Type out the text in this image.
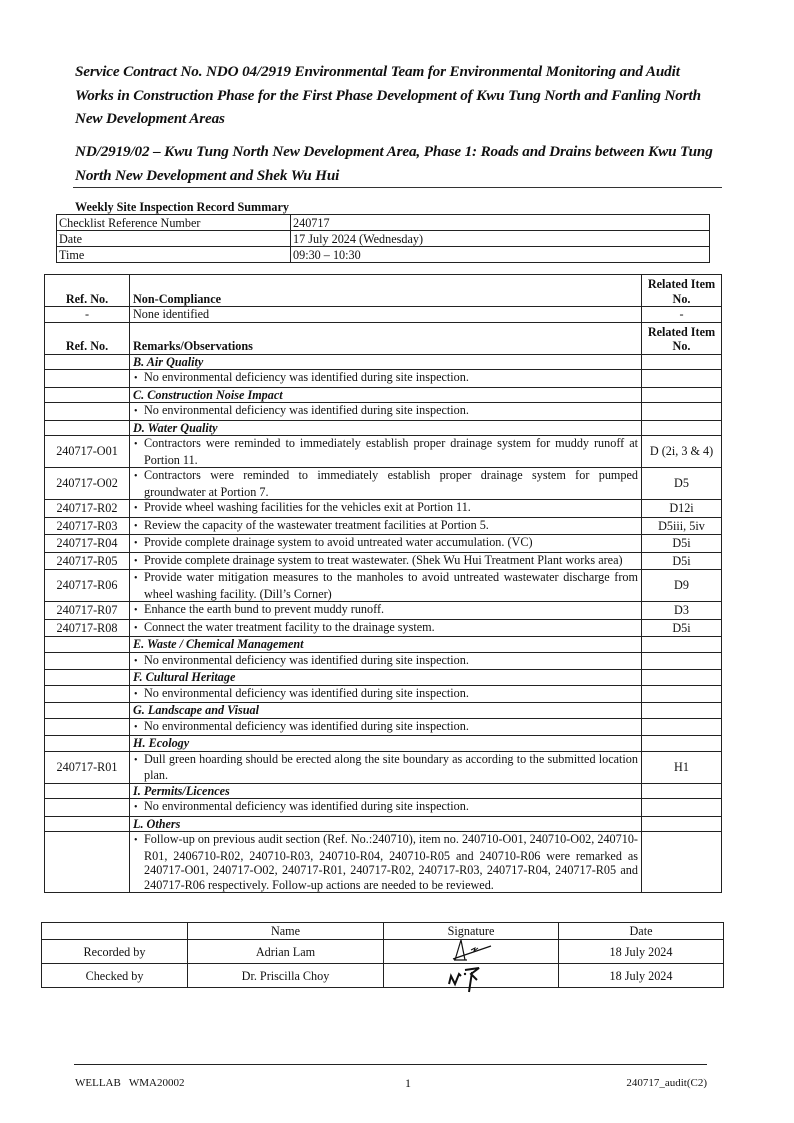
Service Contract No. NDO 04/2919 Environmental Team for Environmental Monitoring and Audit Works in Construction Phase for the First Phase Development of Kwu Tung North and Fanling North New Development Areas
ND/2919/02 – Kwu Tung North New Development Area, Phase 1: Roads and Drains between Kwu Tung North New Development and Shek Wu Hui
Weekly Site Inspection Record Summary
Checklist Reference Number	240717
Date	17 July 2024 (Wednesday)
Time	09:30 – 10:30
Ref. No.	Non-Compliance	Related Item No.
-	None identified	-
Ref. No.	Remarks/Observations	Related Item No.
	B. Air Quality	
	• No environmental deficiency was identified during site inspection.	
	C. Construction Noise Impact	
	• No environmental deficiency was identified during site inspection.	
	D. Water Quality	
240717-O01	• Contractors were reminded to immediately establish proper drainage system for muddy runoff at Portion 11.	D (2i, 3 & 4)
240717-O02	• Contractors were reminded to immediately establish proper drainage system for pumped groundwater at Portion 7.	D5
240717-R02	• Provide wheel washing facilities for the vehicles exit at Portion 11.	D12i
240717-R03	• Review the capacity of the wastewater treatment facilities at Portion 5.	D5iii, 5iv
240717-R04	• Provide complete drainage system to avoid untreated water accumulation. (VC)	D5i
240717-R05	• Provide complete drainage system to treat wastewater. (Shek Wu Hui Treatment Plant works area)	D5i
240717-R06	• Provide water mitigation measures to the manholes to avoid untreated wastewater discharge from wheel washing facility. (Dill’s Corner)	D9
240717-R07	• Enhance the earth bund to prevent muddy runoff.	D3
240717-R08	• Connect the water treatment facility to the drainage system.	D5i
	E. Waste / Chemical Management	
	• No environmental deficiency was identified during site inspection.	
	F. Cultural Heritage	
	• No environmental deficiency was identified during site inspection.	
	G. Landscape and Visual	
	• No environmental deficiency was identified during site inspection.	
	H. Ecology	
240717-R01	• Dull green hoarding should be erected along the site boundary as according to the submitted location plan.	H1
	I. Permits/Licences	
	• No environmental deficiency was identified during site inspection.	
	L. Others	
	• Follow-up on previous audit section (Ref. No.:240710), item no. 240710-O01, 240710-O02, 240710-R01, 2406710-R02, 240710-R03, 240710-R04, 240710-R05 and 240710-R06 were remarked as 240717-O01, 240717-O02, 240717-R01, 240717-R02, 240717-R03, 240717-R04, 240717-R05 and 240717-R06 respectively. Follow-up actions are needed to be reviewed.	
	Name	Signature	Date
Recorded by	Adrian Lam		18 July 2024
Checked by	Dr. Priscilla Choy		18 July 2024
WELLAB   WMA20002	1	240717_audit(C2)
